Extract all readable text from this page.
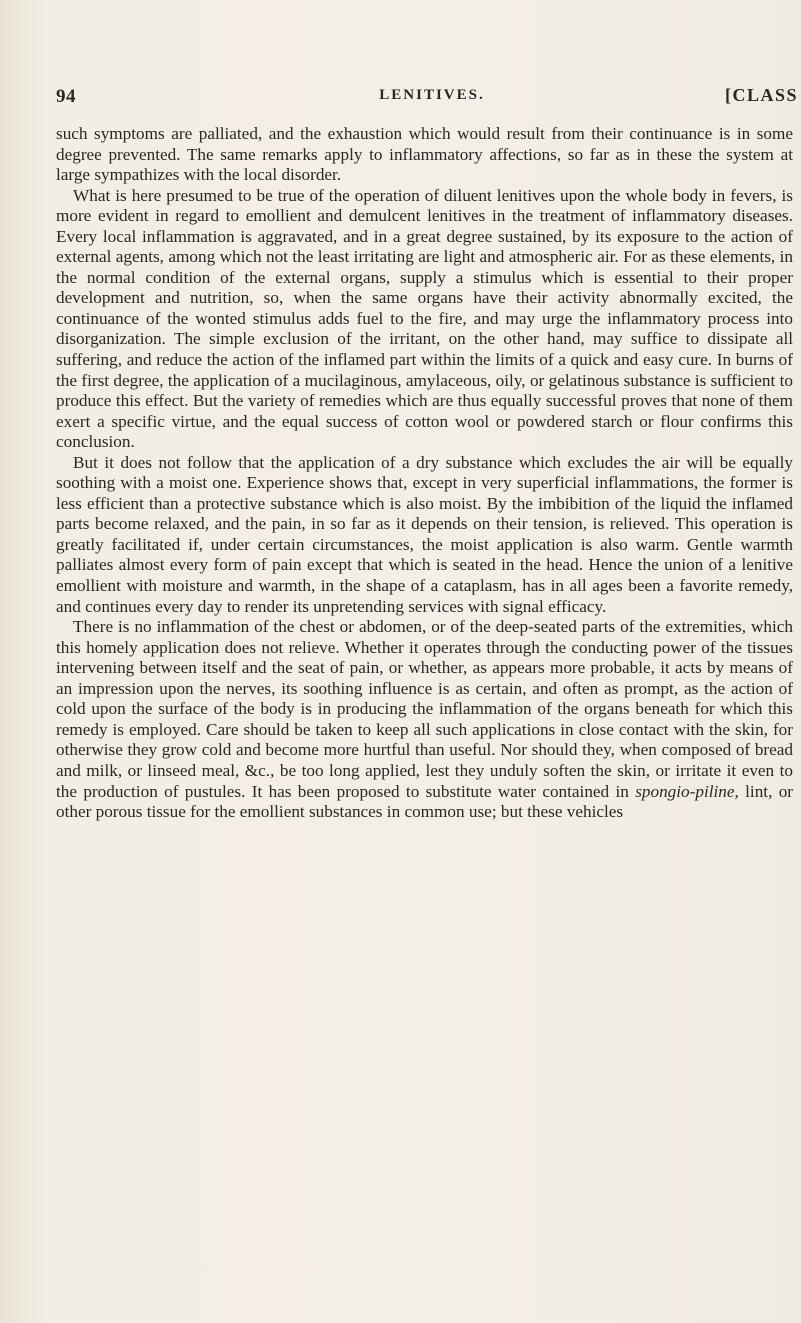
94	LENITIVES.	[CLASS

such symptoms are palliated, and the exhaustion which would result from their continuance is in some degree prevented. The same remarks apply to inflammatory affections, so far as in these the system at large sympathizes with the local disorder.

What is here presumed to be true of the operation of diluent lenitives upon the whole body in fevers, is more evident in regard to emollient and demulcent lenitives in the treatment of inflammatory diseases. Every local inflammation is aggravated, and in a great degree sustained, by its exposure to the action of external agents, among which not the least irritating are light and atmospheric air. For as these elements, in the normal condition of the external organs, supply a stimulus which is essential to their proper development and nutrition, so, when the same organs have their activity abnormally excited, the continuance of the wonted stimulus adds fuel to the fire, and may urge the inflammatory process into disorganization. The simple exclusion of the irritant, on the other hand, may suffice to dissipate all suffering, and reduce the action of the inflamed part within the limits of a quick and easy cure. In burns of the first degree, the application of a mucilaginous, amylaceous, oily, or gelatinous substance is sufficient to produce this effect. But the variety of remedies which are thus equally successful proves that none of them exert a specific virtue, and the equal success of cotton wool or powdered starch or flour confirms this conclusion.

But it does not follow that the application of a dry substance which excludes the air will be equally soothing with a moist one. Experience shows that, except in very superficial inflammations, the former is less efficient than a protective substance which is also moist. By the imbibition of the liquid the inflamed parts become relaxed, and the pain, in so far as it depends on their tension, is relieved. This operation is greatly facilitated if, under certain circumstances, the moist application is also warm. Gentle warmth palliates almost every form of pain except that which is seated in the head. Hence the union of a lenitive emollient with moisture and warmth, in the shape of a cataplasm, has in all ages been a favorite remedy, and continues every day to render its unpretending services with signal efficacy.

There is no inflammation of the chest or abdomen, or of the deep-seated parts of the extremities, which this homely application does not relieve. Whether it operates through the conducting power of the tissues intervening between itself and the seat of pain, or whether, as appears more probable, it acts by means of an impression upon the nerves, its soothing influence is as certain, and often as prompt, as the action of cold upon the surface of the body is in producing the inflammation of the organs beneath for which this remedy is employed. Care should be taken to keep all such applications in close contact with the skin, for otherwise they grow cold and become more hurtful than useful. Nor should they, when composed of bread and milk, or linseed meal, &c., be too long applied, lest they unduly soften the skin, or irritate it even to the production of pustules. It has been proposed to substitute water contained in spongio-piline, lint, or other porous tissue for the emollient substances in common use; but these vehicles
